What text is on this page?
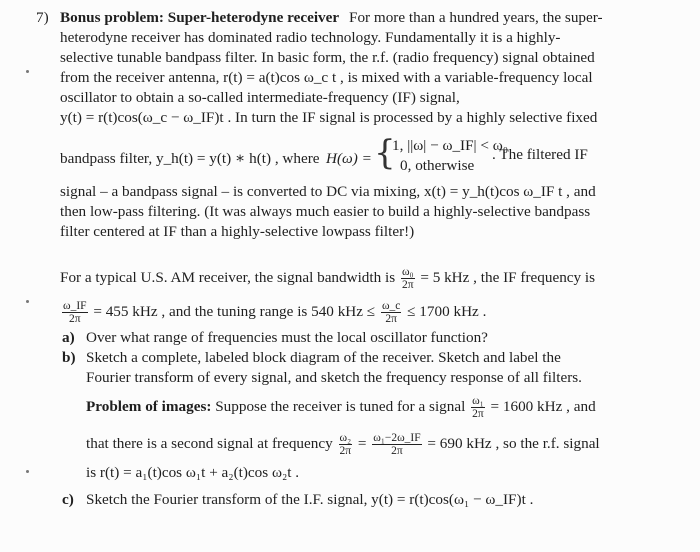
7) Bonus problem: Super-heterodyne receiver For more than a hundred years, the super-
heterodyne receiver has dominated radio technology. Fundamentally it is a highly-
selective tunable bandpass filter. In basic form, the r.f. (radio frequency) signal obtained
from the receiver antenna, r(t) = a(t)cos ω_c t , is mixed with a variable-frequency local
oscillator to obtain a so-called intermediate-frequency (IF) signal,
y(t) = r(t)cos(ω_c − ω_IF)t . In turn the IF signal is processed by a highly selective fixed
bandpass filter, y_h(t) = y(t) ∗ h(t) , where H(ω) = {
1, ||ω| − ω_IF| < ω₀
0, otherwise
. The filtered IF
signal – a bandpass signal – is converted to DC via mixing, x(t) = y_h(t)cos ω_IF t , and
then low-pass filtering. (It was always much easier to build a highly-selective bandpass
filter centered at IF than a highly-selective lowpass filter!)
For a typical U.S. AM receiver, the signal bandwidth is $\frac{\text{ω₀}}{2\pi} = 5$ kHz , the IF frequency is
$\frac{\omega\_IF}{2\pi} = 455$ kHz , and the tuning range is 540 kHz ≤ $\frac{\omega\_c}{2\pi} \le 1700$ kHz .
a) Over what range of frequencies must the local oscillator function?
b) Sketch a complete, labeled block diagram of the receiver. Sketch and label the
Fourier transform of every signal, and sketch the frequency response of all filters.
Problem of images: Suppose the receiver is tuned for a signal $\frac{\text{ω₁}}{2\pi} = 1600$ kHz , and
that there is a second signal at frequency $\frac{\text{ω₂}}{2\pi} = \frac{\text{ω₁−2ω\_IF}}{2\pi} = 690$ kHz , so the r.f. signal
is r(t) = a₁(t)cos ω₁t + a₂(t)cos ω₂t .
c) Sketch the Fourier transform of the I.F. signal, y(t) = r(t)cos(ω₁ − ω_IF)t .
